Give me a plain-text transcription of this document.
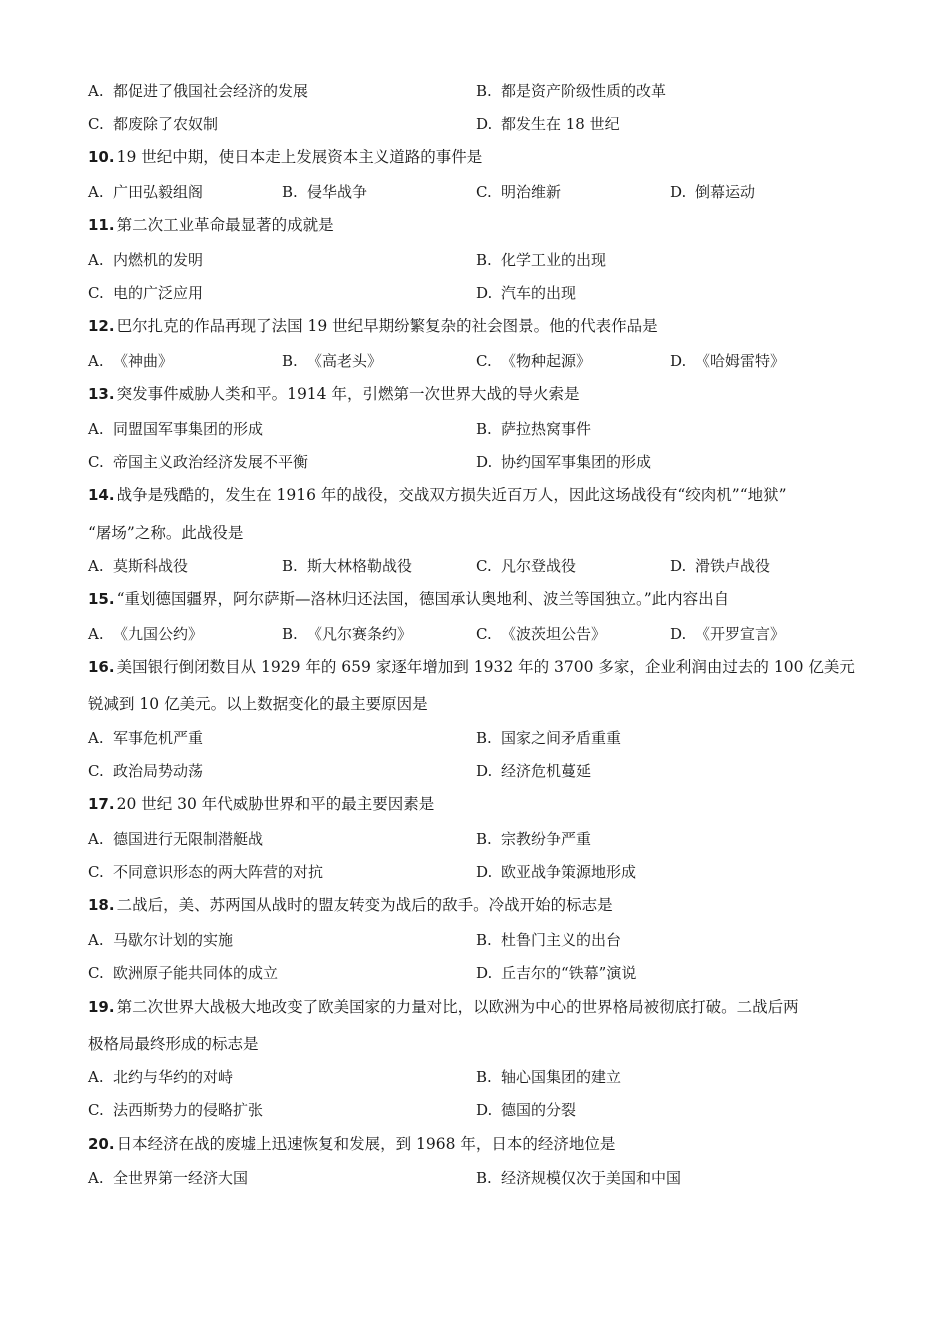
A. 都促进了俄国社会经济的发展	B. 都是资产阶级性质的改革
C. 都废除了农奴制	D. 都发生在 18 世纪
10. 19 世纪中期，使日本走上发展资本主义道路的事件是
A. 广田弘毅组阁	B. 侵华战争	C. 明治维新	D. 倒幕运动
11. 第二次工业革命最显著的成就是
A. 内燃机的发明	B. 化学工业的出现
C. 电的广泛应用	D. 汽车的出现
12. 巴尔扎克的作品再现了法国 19 世纪早期纷繁复杂的社会图景。他的代表作品是
A. 《神曲》	B. 《高老头》	C. 《物种起源》	D. 《哈姆雷特》
13. 突发事件威胁人类和平。1914 年，引燃第一次世界大战的导火索是
A. 同盟国军事集团的形成	B. 萨拉热窝事件
C. 帝国主义政治经济发展不平衡	D. 协约国军事集团的形成
14. 战争是残酷的，发生在 1916 年的战役，交战双方损失近百万人，因此这场战役有“绞肉机”“地狱”
“屠场”之称。此战役是
A. 莫斯科战役	B. 斯大林格勒战役	C. 凡尔登战役	D. 滑铁卢战役
15. “重划德国疆界，阿尔萨斯—洛林归还法国，德国承认奥地利、波兰等国独立。”此内容出自
A. 《九国公约》	B. 《凡尔赛条约》	C. 《波茨坦公告》	D. 《开罗宣言》
16. 美国银行倒闭数目从 1929 年的 659 家逐年增加到 1932 年的 3700 多家，企业利润由过去的 100 亿美元
锐减到 10 亿美元。以上数据变化的最主要原因是
A. 军事危机严重	B. 国家之间矛盾重重
C. 政治局势动荡	D. 经济危机蔓延
17. 20 世纪 30 年代威胁世界和平的最主要因素是
A. 德国进行无限制潜艇战	B. 宗教纷争严重
C. 不同意识形态的两大阵营的对抗	D. 欧亚战争策源地形成
18. 二战后，美、苏两国从战时的盟友转变为战后的敌手。冷战开始的标志是
A. 马歇尔计划的实施	B. 杜鲁门主义的出台
C. 欧洲原子能共同体的成立	D. 丘吉尔的“铁幕”演说
19. 第二次世界大战极大地改变了欧美国家的力量对比，以欧洲为中心的世界格局被彻底打破。二战后两
极格局最终形成的标志是
A. 北约与华约的对峙	B. 轴心国集团的建立
C. 法西斯势力的侵略扩张	D. 德国的分裂
20. 日本经济在战的废墟上迅速恢复和发展，到 1968 年，日本的经济地位是
A. 全世界第一经济大国	B. 经济规模仅次于美国和中国
